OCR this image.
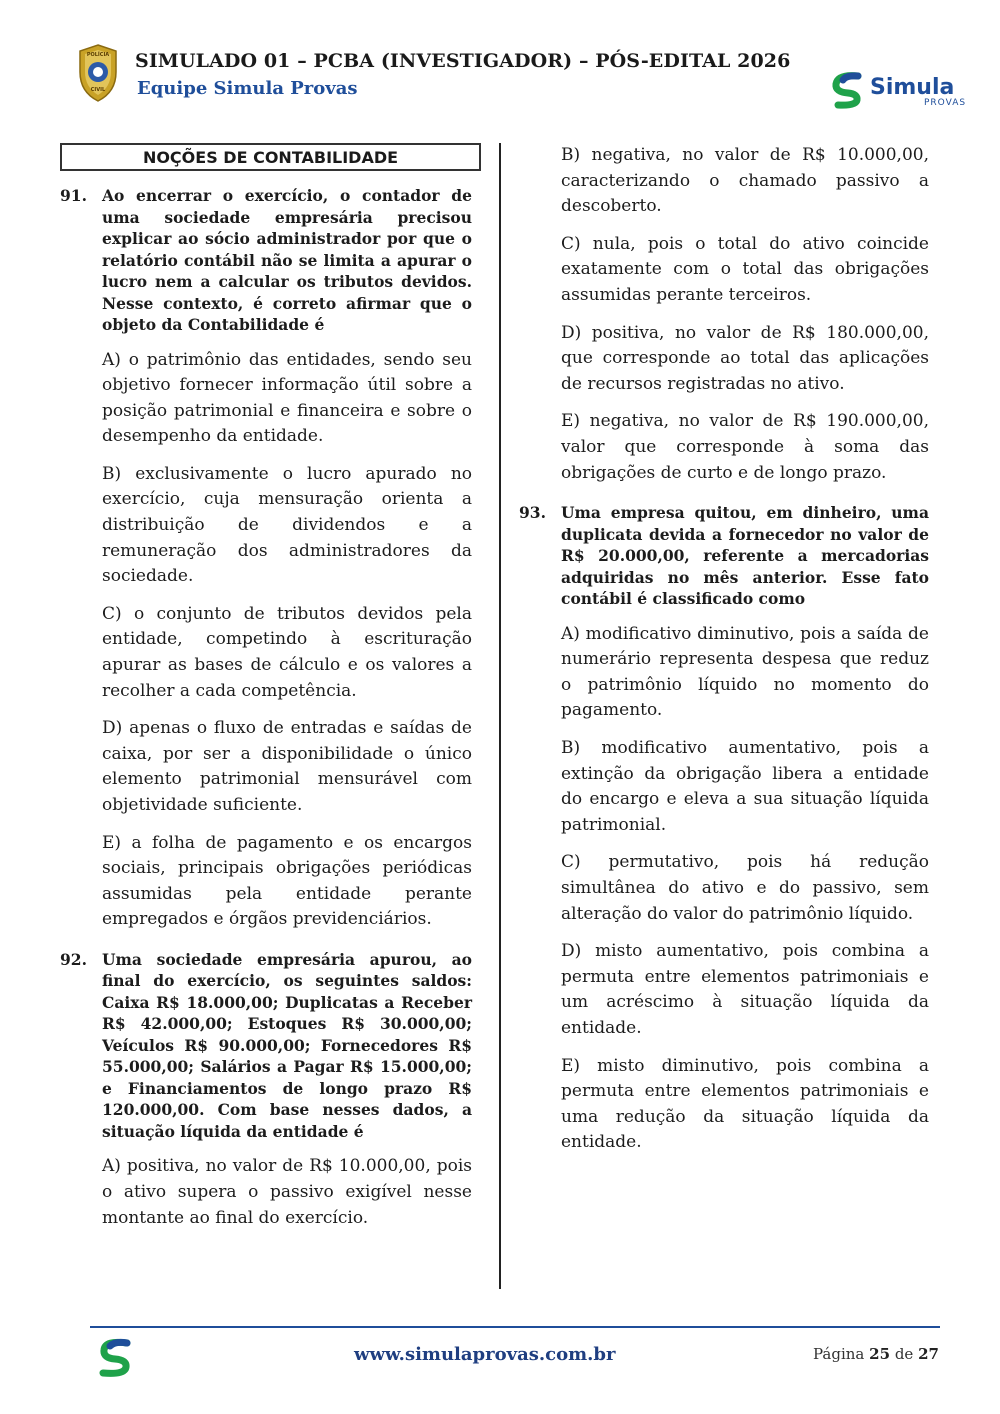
POLÍCIA
CIVIL
SIMULADO 01 – PCBA (INVESTIGADOR) – PÓS-EDITAL 2026
Equipe Simula Provas	Simula
PROVAS
NOÇÕES DE CONTABILIDADE
91. Ao encerrar o exercício, o contador de uma sociedade empresária precisou explicar ao sócio administrador por que o relatório contábil não se limita a apurar o lucro nem a calcular os tributos devidos. Nesse contexto, é correto afirmar que o objeto da Contabilidade é
A) o patrimônio das entidades, sendo seu objetivo fornecer informação útil sobre a posição patrimonial e financeira e sobre o desempenho da entidade.
B) exclusivamente o lucro apurado no exercício, cuja mensuração orienta a distribuição de dividendos e a remuneração dos administradores da sociedade.
C) o conjunto de tributos devidos pela entidade, competindo à escrituração apurar as bases de cálculo e os valores a recolher a cada competência.
D) apenas o fluxo de entradas e saídas de caixa, por ser a disponibilidade o único elemento patrimonial mensurável com objetividade suficiente.
E) a folha de pagamento e os encargos sociais, principais obrigações periódicas assumidas pela entidade perante empregados e órgãos previdenciários.
92. Uma sociedade empresária apurou, ao final do exercício, os seguintes saldos: Caixa R$ 18.000,00; Duplicatas a Receber R$ 42.000,00; Estoques R$ 30.000,00; Veículos R$ 90.000,00; Fornecedores R$ 55.000,00; Salários a Pagar R$ 15.000,00; e Financiamentos de longo prazo R$ 120.000,00. Com base nesses dados, a situação líquida da entidade é
A) positiva, no valor de R$ 10.000,00, pois o ativo supera o passivo exigível nesse montante ao final do exercício.
B) negativa, no valor de R$ 10.000,00, caracterizando o chamado passivo a descoberto.
C) nula, pois o total do ativo coincide exatamente com o total das obrigações assumidas perante terceiros.
D) positiva, no valor de R$ 180.000,00, que corresponde ao total das aplicações de recursos registradas no ativo.
E) negativa, no valor de R$ 190.000,00, valor que corresponde à soma das obrigações de curto e de longo prazo.
93. Uma empresa quitou, em dinheiro, uma duplicata devida a fornecedor no valor de R$ 20.000,00, referente a mercadorias adquiridas no mês anterior. Esse fato contábil é classificado como
A) modificativo diminutivo, pois a saída de numerário representa despesa que reduz o patrimônio líquido no momento do pagamento.
B) modificativo aumentativo, pois a extinção da obrigação libera a entidade do encargo e eleva a sua situação líquida patrimonial.
C) permutativo, pois há redução simultânea do ativo e do passivo, sem alteração do valor do patrimônio líquido.
D) misto aumentativo, pois combina a permuta entre elementos patrimoniais e um acréscimo à situação líquida da entidade.
E) misto diminutivo, pois combina a permuta entre elementos patrimoniais e uma redução da situação líquida da entidade.
www.simulaprovas.com.br	Página 25 de 27
